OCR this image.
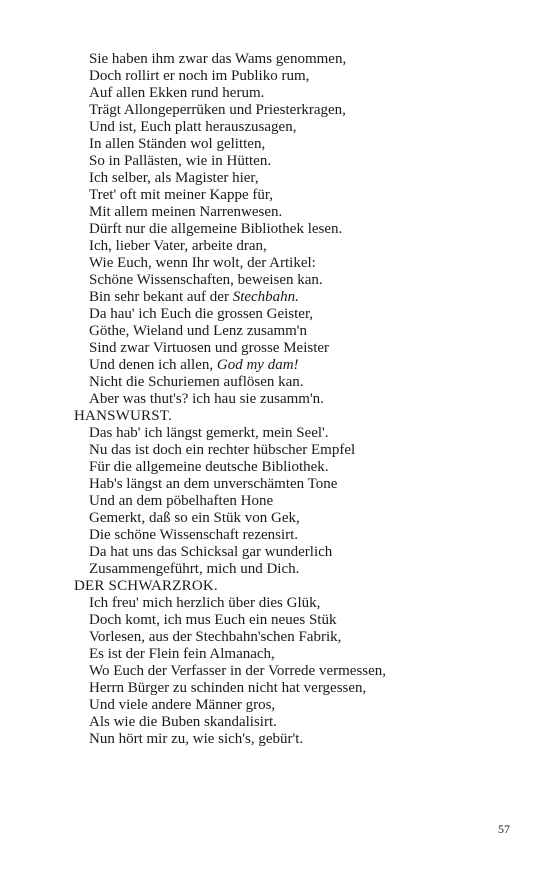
Sie haben ihm zwar das Wams genommen,
Doch rollirt er noch im Publiko rum,
Auf allen Ekken rund herum.
Trägt Allongeperrüken und Priesterkragen,
Und ist, Euch platt herauszusagen,
In allen Ständen wol gelitten,
So in Pallästen, wie in Hütten.
Ich selber, als Magister hier,
Tret' oft mit meiner Kappe für,
Mit allem meinen Narrenwesen.
Dürft nur die allgemeine Bibliothek lesen.
Ich, lieber Vater, arbeite dran,
Wie Euch, wenn Ihr wolt, der Artikel:
Schöne Wissenschaften, beweisen kan.
Bin sehr bekant auf der Stechbahn.
Da hau' ich Euch die grossen Geister,
Göthe, Wieland und Lenz zusamm'n
Sind zwar Virtuosen und grosse Meister
Und denen ich allen, God my dam!
Nicht die Schuriemen auflösen kan.
Aber was thut's? ich hau sie zusamm'n.
HANSWURST.
Das hab' ich längst gemerkt, mein Seel'.
Nu das ist doch ein rechter hübscher Empfel
Für die allgemeine deutsche Bibliothek.
Hab's längst an dem unverschämten Tone
Und an dem pöbelhaften Hone
Gemerkt, daß so ein Stük von Gek,
Die schöne Wissenschaft rezensirt.
Da hat uns das Schicksal gar wunderlich
Zusammengeführt, mich und Dich.
DER SCHWARZROK.
Ich freu' mich herzlich über dies Glük,
Doch komt, ich mus Euch ein neues Stük
Vorlesen, aus der Stechbahn'schen Fabrik,
Es ist der Flein fein Almanach,
Wo Euch der Verfasser in der Vorrede vermessen,
Herrn Bürger zu schinden nicht hat vergessen,
Und viele andere Männer gros,
Als wie die Buben skandalisirt.
Nun hört mir zu, wie sich's, gebür't.
57
